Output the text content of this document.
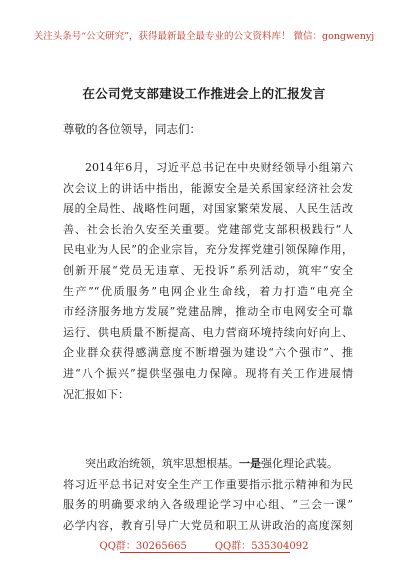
关注头条号“公文研究”，获得最新最全最专业的公文资料库！ 微信：gongwenyj
在公司党支部建设工作推进会上的汇报发言
尊敬的各位领导，同志们：
2014年6月，习近平总书记在中央财经领导小组第六
次会议上的讲话中指出，能源安全是关系国家经济社会发
展的全局性、战略性问题，对国家繁荣发展、人民生活改
善、社会长治久安至关重要。党建部党支部积极践行“人
民电业为人民”的企业宗旨，充分发挥党建引领保障作用，
创新开展“党员无违章、无投诉”系列活动，筑牢“安全
生产”“优质服务”电网企业生命线，着力打造“电亮全
市经济服务地方发展”党建品牌，推动全市电网安全可靠
运行、供电质量不断提高、电力营商环境持续向好向上、
企业群众获得感满意度不断增强为建设“六个强市”、推
进“八个振兴”提供坚强电力保障。现将有关工作进展情
况汇报如下：
突出政治统领，筑牢思想根基。一是强化理论武装。
将习近平总书记对安全生产工作重要指示批示精神和为民
服务的明确要求纳入各级理论学习中心组、“三会一课”
必学内容，教育引导广大党员和职工从讲政治的高度深刻
QQ群：30265665	QQ群：535304092
